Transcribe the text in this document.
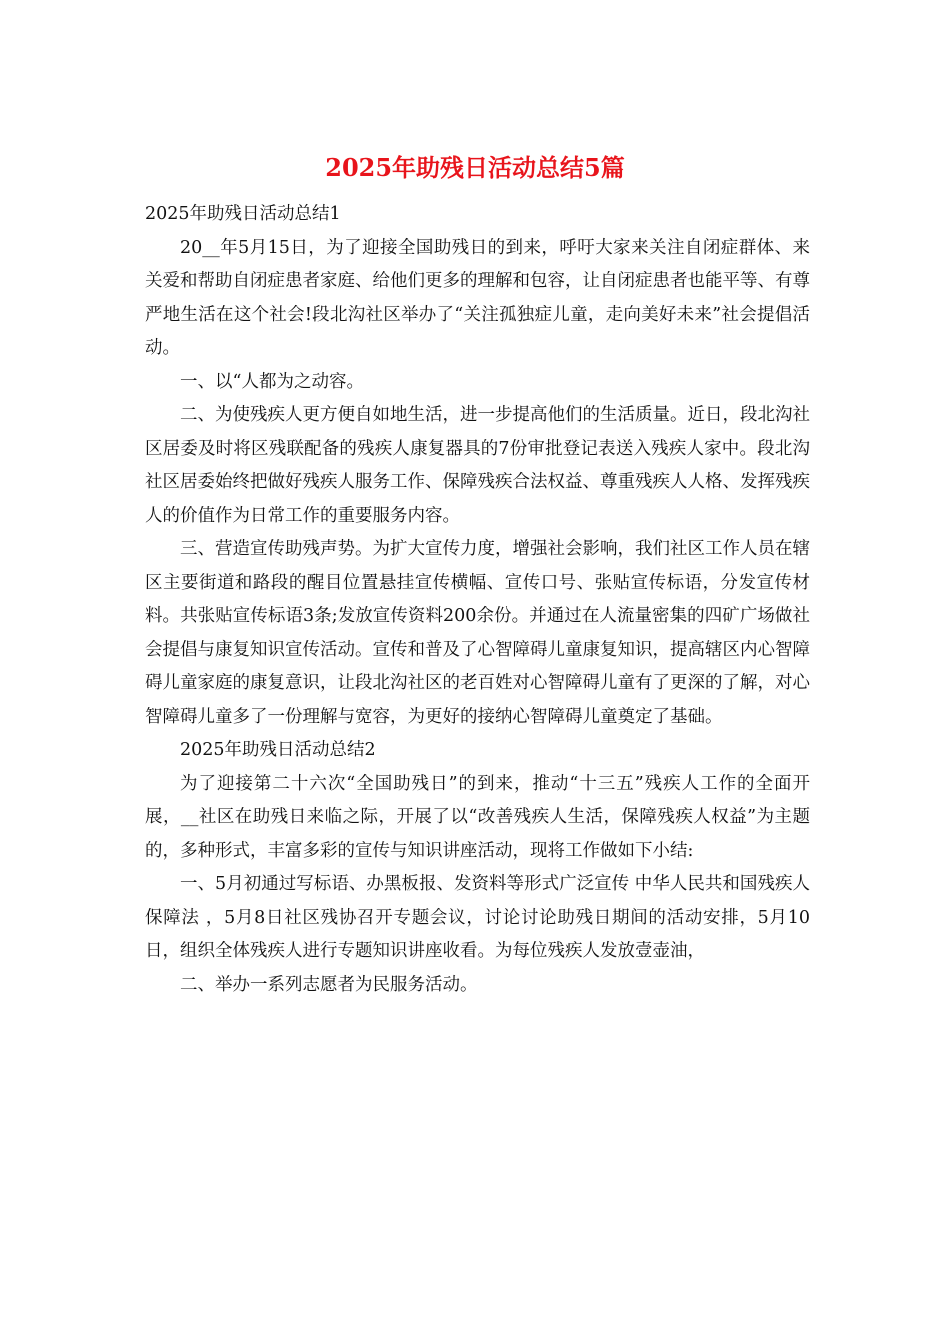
2025年助残日活动总结5篇

2025年助残日活动总结1

20__年5月15日，为了迎接全国助残日的到来，呼吁大家来关注自闭症群体、来关爱和帮助自闭症患者家庭、给他们更多的理解和包容，让自闭症患者也能平等、有尊严地生活在这个社会!段北沟社区举办了“关注孤独症儿童，走向美好未来”社会提倡活动。

一、以“人都为之动容。

二、为使残疾人更方便自如地生活，进一步提高他们的生活质量。近日，段北沟社区居委及时将区残联配备的残疾人康复器具的7份审批登记表送入残疾人家中。段北沟社区居委始终把做好残疾人服务工作、保障残疾合法权益、尊重残疾人人格、发挥残疾人的价值作为日常工作的重要服务内容。

三、营造宣传助残声势。为扩大宣传力度，增强社会影响，我们社区工作人员在辖区主要街道和路段的醒目位置悬挂宣传横幅、宣传口号、张贴宣传标语，分发宣传材料。共张贴宣传标语3条;发放宣传资料200余份。并通过在人流量密集的四矿广场做社会提倡与康复知识宣传活动。宣传和普及了心智障碍儿童康复知识，提高辖区内心智障碍儿童家庭的康复意识，让段北沟社区的老百姓对心智障碍儿童有了更深的了解，对心智障碍儿童多了一份理解与宽容，为更好的接纳心智障碍儿童奠定了基础。

2025年助残日活动总结2

为了迎接第二十六次“全国助残日”的到来，推动“十三五”残疾人工作的全面开展，__社区在助残日来临之际，开展了以“改善残疾人生活，保障残疾人权益”为主题的，多种形式，丰富多彩的宣传与知识讲座活动，现将工作做如下小结:

一、5月初通过写标语、办黑板报、发资料等形式广泛宣传 中华人民共和国残疾人保障法 ，5月8日社区残协召开专题会议，讨论讨论助残日期间的活动安排，5月10日，组织全体残疾人进行专题知识讲座收看。为每位残疾人发放壹壶油，

二、举办一系列志愿者为民服务活动。
